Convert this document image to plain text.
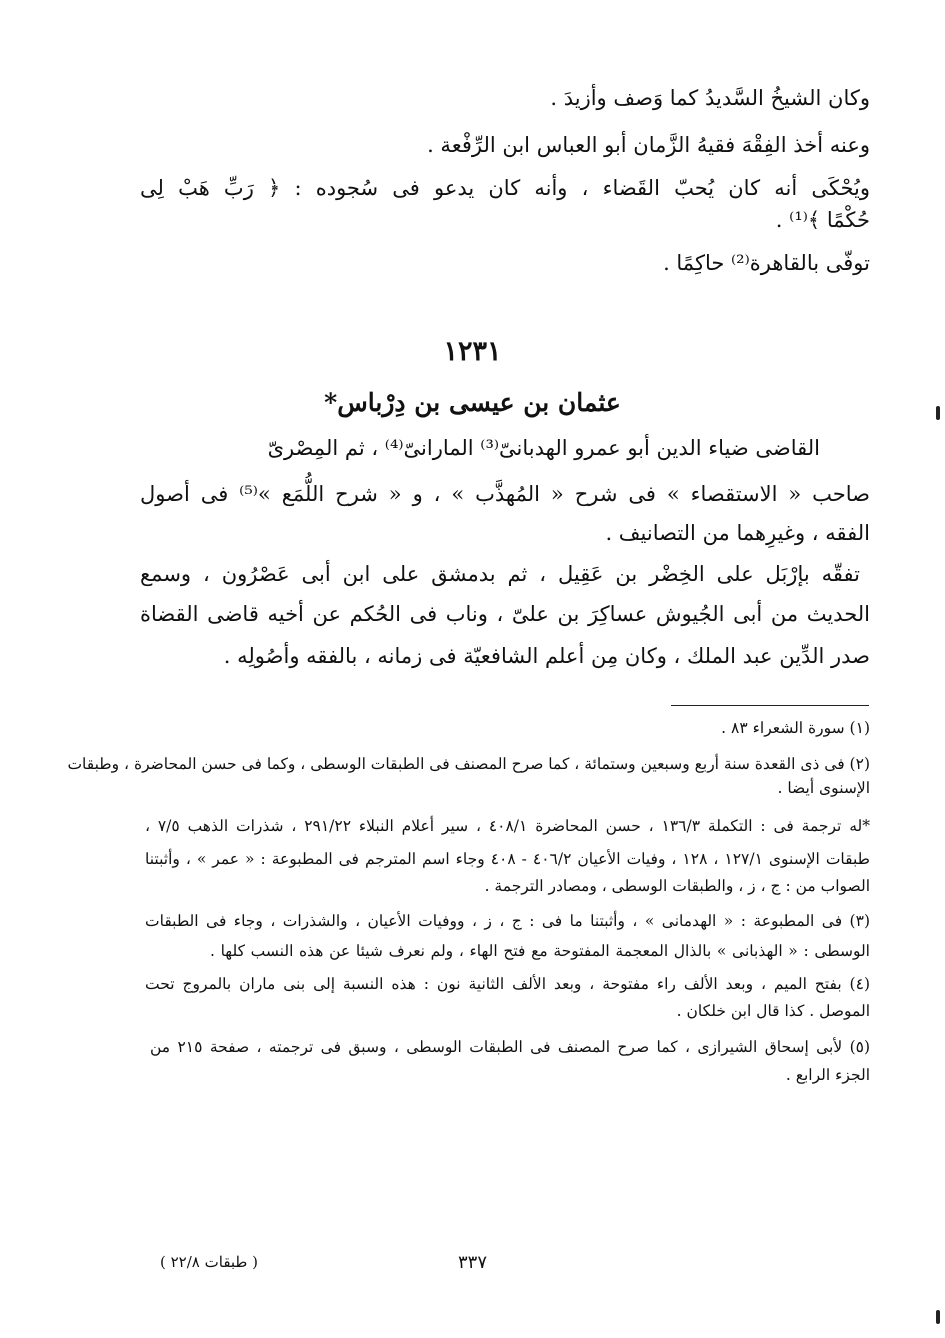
وكان الشيخُ السَّديدُ كما وَصف وأزيدَ .
وعنه أخذ الفِقْهَ فقيهُ الزَّمان أبو العباس ابن الرِّفْعة .
ويُحْكَى أنه كان يُحبّ القَضاء ، وأنه كان يدعو فى سُجوده : ﴿ رَبِّ هَبْ لِى
حُكْمًا ﴾⁽¹⁾ .
توفّى بالقاهرة⁽²⁾ حاكِمًا .
١٢٣١
عثمان بن عيسى بن دِرْباس*
القاضى ضياء الدين أبو عمرو الهدبانىّ⁽³⁾ المارانىّ⁽⁴⁾ ، ثم المِصْرىّ
صاحب « الاستقصاء » فى شرح « المُهذَّب » ، و « شرح اللُّمَع »⁽⁵⁾ فى أصول
الفقه ، وغيرِهما من التصانيف .
تفقّه بإرْبَل على الخِضْر بن عَقِيل ، ثم بدمشق على ابن أبى عَصْرُون ، وسمع
الحديث من أبى الجُيوش عساكِرَ بن علىّ ، وناب فى الحُكم عن أخيه قاضى القضاة
صدر الدِّين عبد الملك ، وكان مِن أعلم الشافعيّة فى زمانه ، بالفقه وأصُولِه .
(١) سورة الشعراء ٨٣ .
(٢) فى ذى القعدة سنة أربع وسبعين وستمائة ، كما صرح المصنف فى الطبقات الوسطى ، وكما فى حسن المحاضرة ، وطبقات
الإسنوى أيضا .
*له ترجمة فى : التكملة ١٣٦/٣ ، حسن المحاضرة ٤٠٨/١ ، سير أعلام النبلاء ٢٩١/٢٢ ، شذرات الذهب ٧/٥ ،
طبقات الإسنوى ١٢٧/١ ، ١٢٨ ، وفيات الأعيان ٤٠٦/٢ - ٤٠٨ وجاء اسم المترجم فى المطبوعة : « عمر » ، وأثبتنا
الصواب من : ج ، ز ، والطبقات الوسطى ، ومصادر الترجمة .
(٣) فى المطبوعة : « الهدمانى » ، وأثبتنا ما فى : ج ، ز ، ووفيات الأعيان ، والشذرات ، وجاء فى الطبقات
الوسطى : « الهذبانى » بالذال المعجمة المفتوحة مع فتح الهاء ، ولم نعرف شيئا عن هذه النسب كلها .
(٤) بفتح الميم ، وبعد الألف راء مفتوحة ، وبعد الألف الثانية نون : هذه النسبة إلى بنى ماران بالمروج تحت
الموصل . كذا قال ابن خلكان .
(٥) لأبى إسحاق الشيرازى ، كما صرح المصنف فى الطبقات الوسطى ، وسبق فى ترجمته ، صفحة ٢١٥ من
الجزء الرابع .
٣٣٧
( طبقات ٢٢/٨ )
